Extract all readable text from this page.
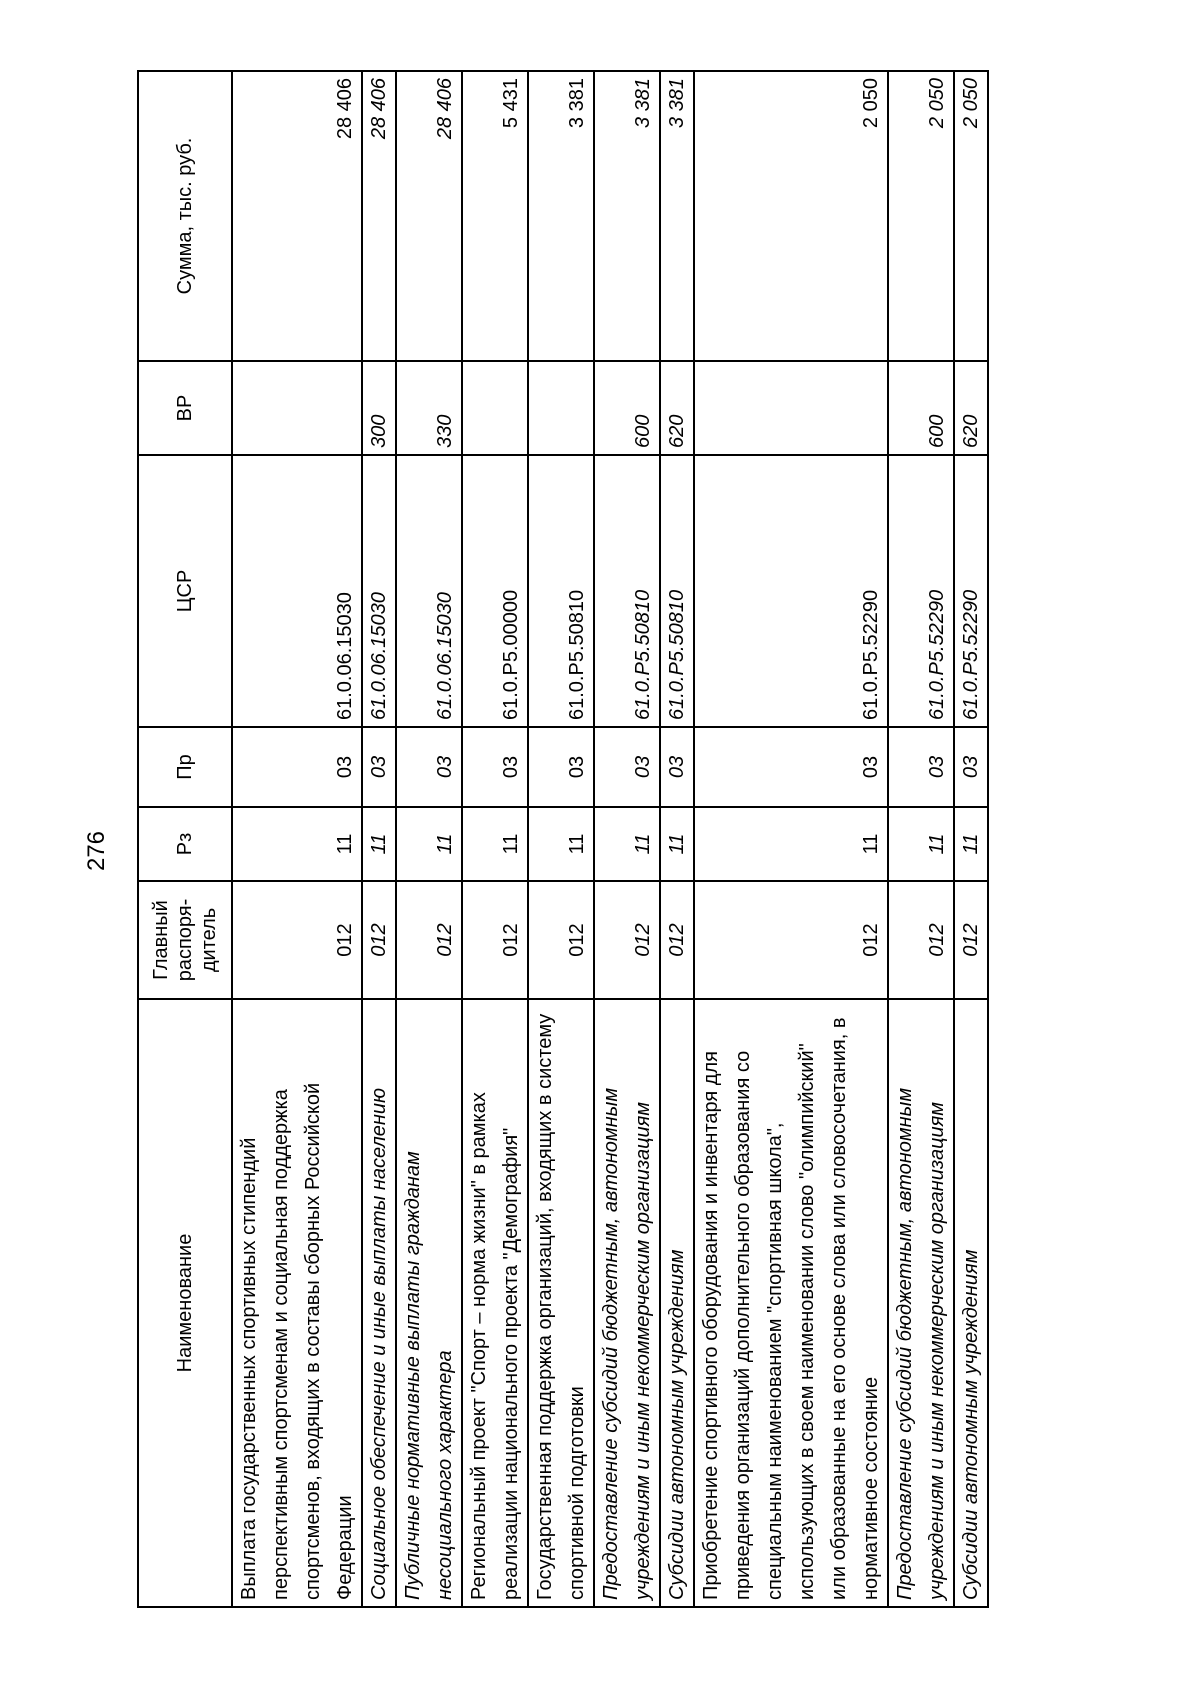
276
Наименование	Главный распоря-дитель	Рз	Пр	ЦСР	ВР	Сумма, тыс. руб.
Выплата государственных спортивных стипендий перспективным спортсменам и социальная поддержка спортсменов, входящих в составы сборных Российской Федерации	012	11	03	61.0.06.15030		28 406
Социальное обеспечение и иные выплаты населению	012	11	03	61.0.06.15030	300	28 406
Публичные нормативные выплаты гражданам несоциального характера	012	11	03	61.0.06.15030	330	28 406
Региональный проект "Спорт – норма жизни" в рамках реализации национального проекта "Демография"	012	11	03	61.0.P5.00000		5 431
Государственная поддержка организаций, входящих в систему спортивной подготовки	012	11	03	61.0.P5.50810		3 381
Предоставление субсидий бюджетным, автономным учреждениям и иным некоммерческим организациям	012	11	03	61.0.P5.50810	600	3 381
Субсидии автономным учреждениям	012	11	03	61.0.P5.50810	620	3 381
Приобретение спортивного оборудования и инвентаря для приведения организаций дополнительного образования со специальным наименованием "спортивная школа", использующих в своем наименовании слово "олимпийский" или образованные на его основе слова или словосочетания, в нормативное состояние	012	11	03	61.0.P5.52290		2 050
Предоставление субсидий бюджетным, автономным учреждениям и иным некоммерческим организациям	012	11	03	61.0.P5.52290	600	2 050
Субсидии автономным учреждениям	012	11	03	61.0.P5.52290	620	2 050
